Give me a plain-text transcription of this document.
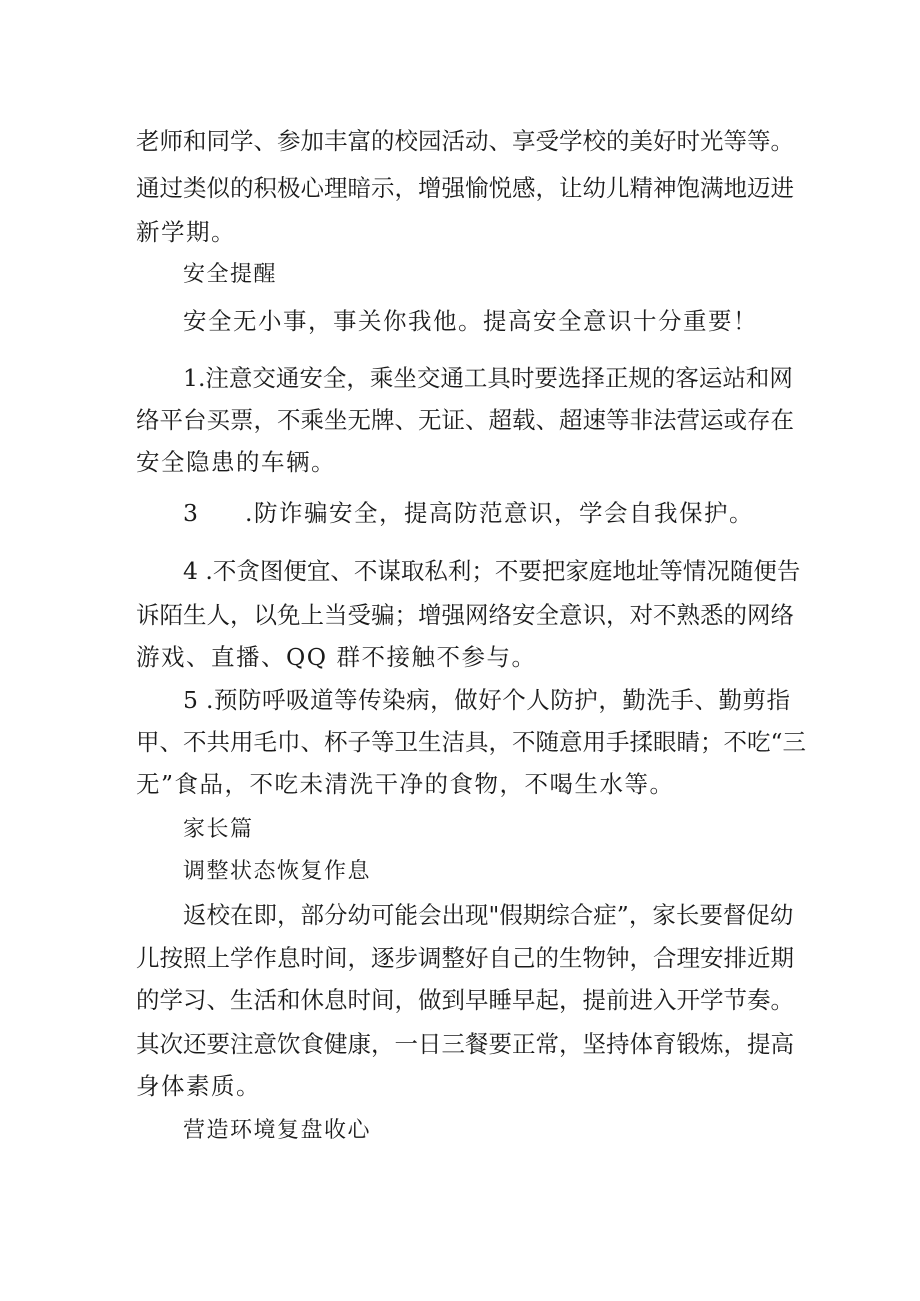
老师和同学、参加丰富的校园活动、享受学校的美好时光等等。
通过类似的积极心理暗示，增强愉悦感，让幼儿精神饱满地迈进
新学期。
安全提醒
安全无小事，事关你我他。提高安全意识十分重要！
1.注意交通安全，乘坐交通工具时要选择正规的客运站和网
络平台买票，不乘坐无牌、无证、超载、超速等非法营运或存在
安全隐患的车辆。
3 .防诈骗安全，提高防范意识，学会自我保护。
4 .不贪图便宜、不谋取私利；不要把家庭地址等情况随便告
诉陌生人，以免上当受骗；增强网络安全意识，对不熟悉的网络
游戏、直播、QQ 群不接触不参与。
5 .预防呼吸道等传染病，做好个人防护，勤洗手、勤剪指
甲、不共用毛巾、杯子等卫生洁具，不随意用手揉眼睛；不吃“三
无”食品，不吃未清洗干净的食物，不喝生水等。
家长篇
调整状态恢复作息
返校在即，部分幼可能会出现"假期综合症”，家长要督促幼
儿按照上学作息时间，逐步调整好自己的生物钟，合理安排近期
的学习、生活和休息时间，做到早睡早起，提前进入开学节奏。
其次还要注意饮食健康，一日三餐要正常，坚持体育锻炼，提高
身体素质。
营造环境复盘收心
